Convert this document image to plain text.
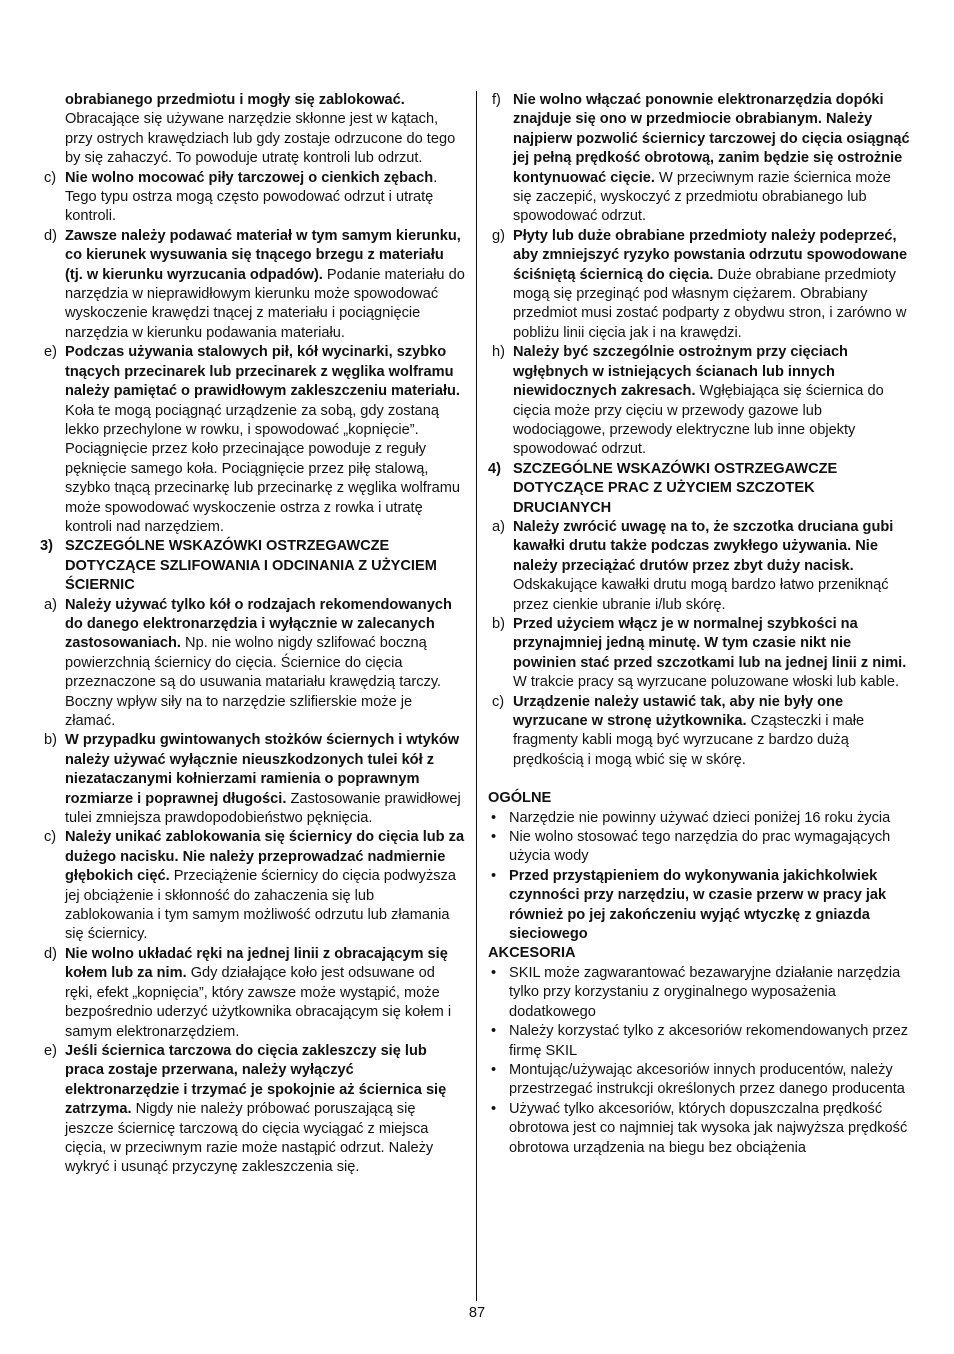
obrabianego przedmiotu i mogły się zablokować.
Obracające się używane narzędzie skłonne jest w kątach, przy ostrych krawędziach lub gdy zostaje odrzucone do tego by się zahaczyć. To powoduje utratę kontroli lub odrzut.
c) Nie wolno mocować piły tarczowej o cienkich zębach. Tego typu ostrza mogą często powodować odrzut i utratę kontroli.
d) Zawsze należy podawać materiał w tym samym kierunku, co kierunek wysuwania się tnącego brzegu z materiału (tj. w kierunku wyrzucania odpadów). Podanie materiału do narzędzia w nieprawidłowym kierunku może spowodować wyskoczenie krawędzi tnącej z materiału i pociągnięcie narzędzia w kierunku podawania materiału.
e) Podczas używania stalowych pił, kół wycinarki, szybko tnących przecinarek lub przecinarek z węglika wolframu należy pamiętać o prawidłowym zakleszczeniu materiału. Koła te mogą pociągnąć urządzenie za sobą, gdy zostaną lekko przechylone w rowku, i spowodować „kopnięcie”. Pociągnięcie przez koło przecinające powoduje z reguły pęknięcie samego koła. Pociągnięcie przez piłę stalową, szybko tnącą przecinarkę lub przecinarkę z węglika wolframu może spowodować wyskoczenie ostrza z rowka i utratę kontroli nad narzędziem.
3) SZCZEGÓLNE WSKAZÓWKI OSTRZEGAWCZE DOTYCZĄCE SZLIFOWANIA I ODCINANIA Z UŻYCIEM ŚCIERNIC
a) Należy używać tylko kół o rodzajach rekomendowanych do danego elektronarzędzia i wyłącznie w zalecanych zastosowaniach. Np. nie wolno nigdy szlifować boczną powierzchnią ściernicy do cięcia. Ściernice do cięcia przeznaczone są do usuwania matariału krawędzią tarczy. Boczny wpływ siły na to narzędzie szlifierskie może je złamać.
b) W przypadku gwintowanych stożków ściernych i wtyków należy używać wyłącznie nieuszkodzonych tulei kół z niezataczanymi kołnierzami ramienia o poprawnym rozmiarze i poprawnej długości. Zastosowanie prawidłowej tulei zmniejsza prawdopodobieństwo pęknięcia.
c) Należy unikać zablokowania się ściernicy do cięcia lub za dużego nacisku. Nie należy przeprowadzać nadmiernie głębokich cięć. Przeciążenie ściernicy do cięcia podwyższa jej obciążenie i skłonność do zahaczenia się lub zablokowania i tym samym możliwość odrzutu lub złamania się ściernicy.
d) Nie wolno układać ręki na jednej linii z obracającym się kołem lub za nim. Gdy działające koło jest odsuwane od ręki, efekt „kopnięcia”, który zawsze może wystąpić, może bezpośrednio uderzyć użytkownika obracającym się kołem i samym elektronarzędziem.
e) Jeśli ściernica tarczowa do cięcia zakleszczy się lub praca zostaje przerwana, należy wyłączyć elektronarzędzie i trzymać je spokojnie aż ściernica się zatrzyma. Nigdy nie należy próbować poruszającą się jeszcze ściernicę tarczową do cięcia wyciągać z miejsca cięcia, w przeciwnym razie może nastąpić odrzut. Należy wykryć i usunąć przyczynę zakleszczenia się.
f) Nie wolno włączać ponownie elektronarzędzia dopóki znajduje się ono w przedmiocie obrabianym. Należy najpierw pozwolić ściernicy tarczowej do cięcia osiągnąć jej pełną prędkość obrotową, zanim będzie się ostrożnie kontynuować cięcie. W przeciwnym razie ściernica może się zaczepić, wyskoczyć z przedmiotu obrabianego lub spowodować odrzut.
g) Płyty lub duże obrabiane przedmioty należy podeprzeć, aby zmniejszyć ryzyko powstania odrzutu spowodowane ściśniętą ściernicą do cięcia. Duże obrabiane przedmioty mogą się przeginąć pod własnym ciężarem. Obrabiany przedmiot musi zostać podparty z obydwu stron, i zarówno w pobliżu linii cięcia jak i na krawędzi.
h) Należy być szczególnie ostrożnym przy cięciach wgłębnych w istniejących ścianach lub innych niewidocznych zakresach. Wgłębiająca się ściernica do cięcia może przy cięciu w przewody gazowe lub wodociągowe, przewody elektryczne lub inne objekty spowodować odrzut.
4) SZCZEGÓLNE WSKAZÓWKI OSTRZEGAWCZE DOTYCZĄCE PRAC Z UŻYCIEM SZCZOTEK DRUCIANYCH
a) Należy zwrócić uwagę na to, że szczotka druciana gubi kawałki drutu także podczas zwykłego używania. Nie należy przeciążać drutów przez zbyt duży nacisk. Odskakujące kawałki drutu mogą bardzo łatwo przeniknąć przez cienkie ubranie i/lub skórę.
b) Przed użyciem włącz je w normalnej szybkości na przynajmniej jedną minutę. W tym czasie nikt nie powinien stać przed szczotkami lub na jednej linii z nimi. W trakcie pracy są wyrzucane poluzowane włoski lub kable.
c) Urządzenie należy ustawić tak, aby nie były one wyrzucane w stronę użytkownika. Cząsteczki i małe fragmenty kabli mogą być wyrzucane z bardzo dużą prędkością i mogą wbić się w skórę.
OGÓLNE
• Narzędzie nie powinny używać dzieci poniżej 16 roku życia
• Nie wolno stosować tego narzędzia do prac wymagających użycia wody
• Przed przystąpieniem do wykonywania jakichkolwiek czynności przy narzędziu, w czasie przerw w pracy jak również po jej zakończeniu wyjąć wtyczkę z gniazda sieciowego
AKCESORIA
• SKIL może zagwarantować bezawaryjne działanie narzędzia tylko przy korzystaniu z oryginalnego wyposażenia dodatkowego
• Należy korzystać tylko z akcesoriów rekomendowanych przez firmę SKIL
• Montując/używając akcesoriów innych producentów, należy przestrzegać instrukcji określonych przez danego producenta
• Używać tylko akcesoriów, których dopuszczalna prędkość obrotowa jest co najmniej tak wysoka jak najwyższa prędkość obrotowa urządzenia na biegu bez obciążenia
87
